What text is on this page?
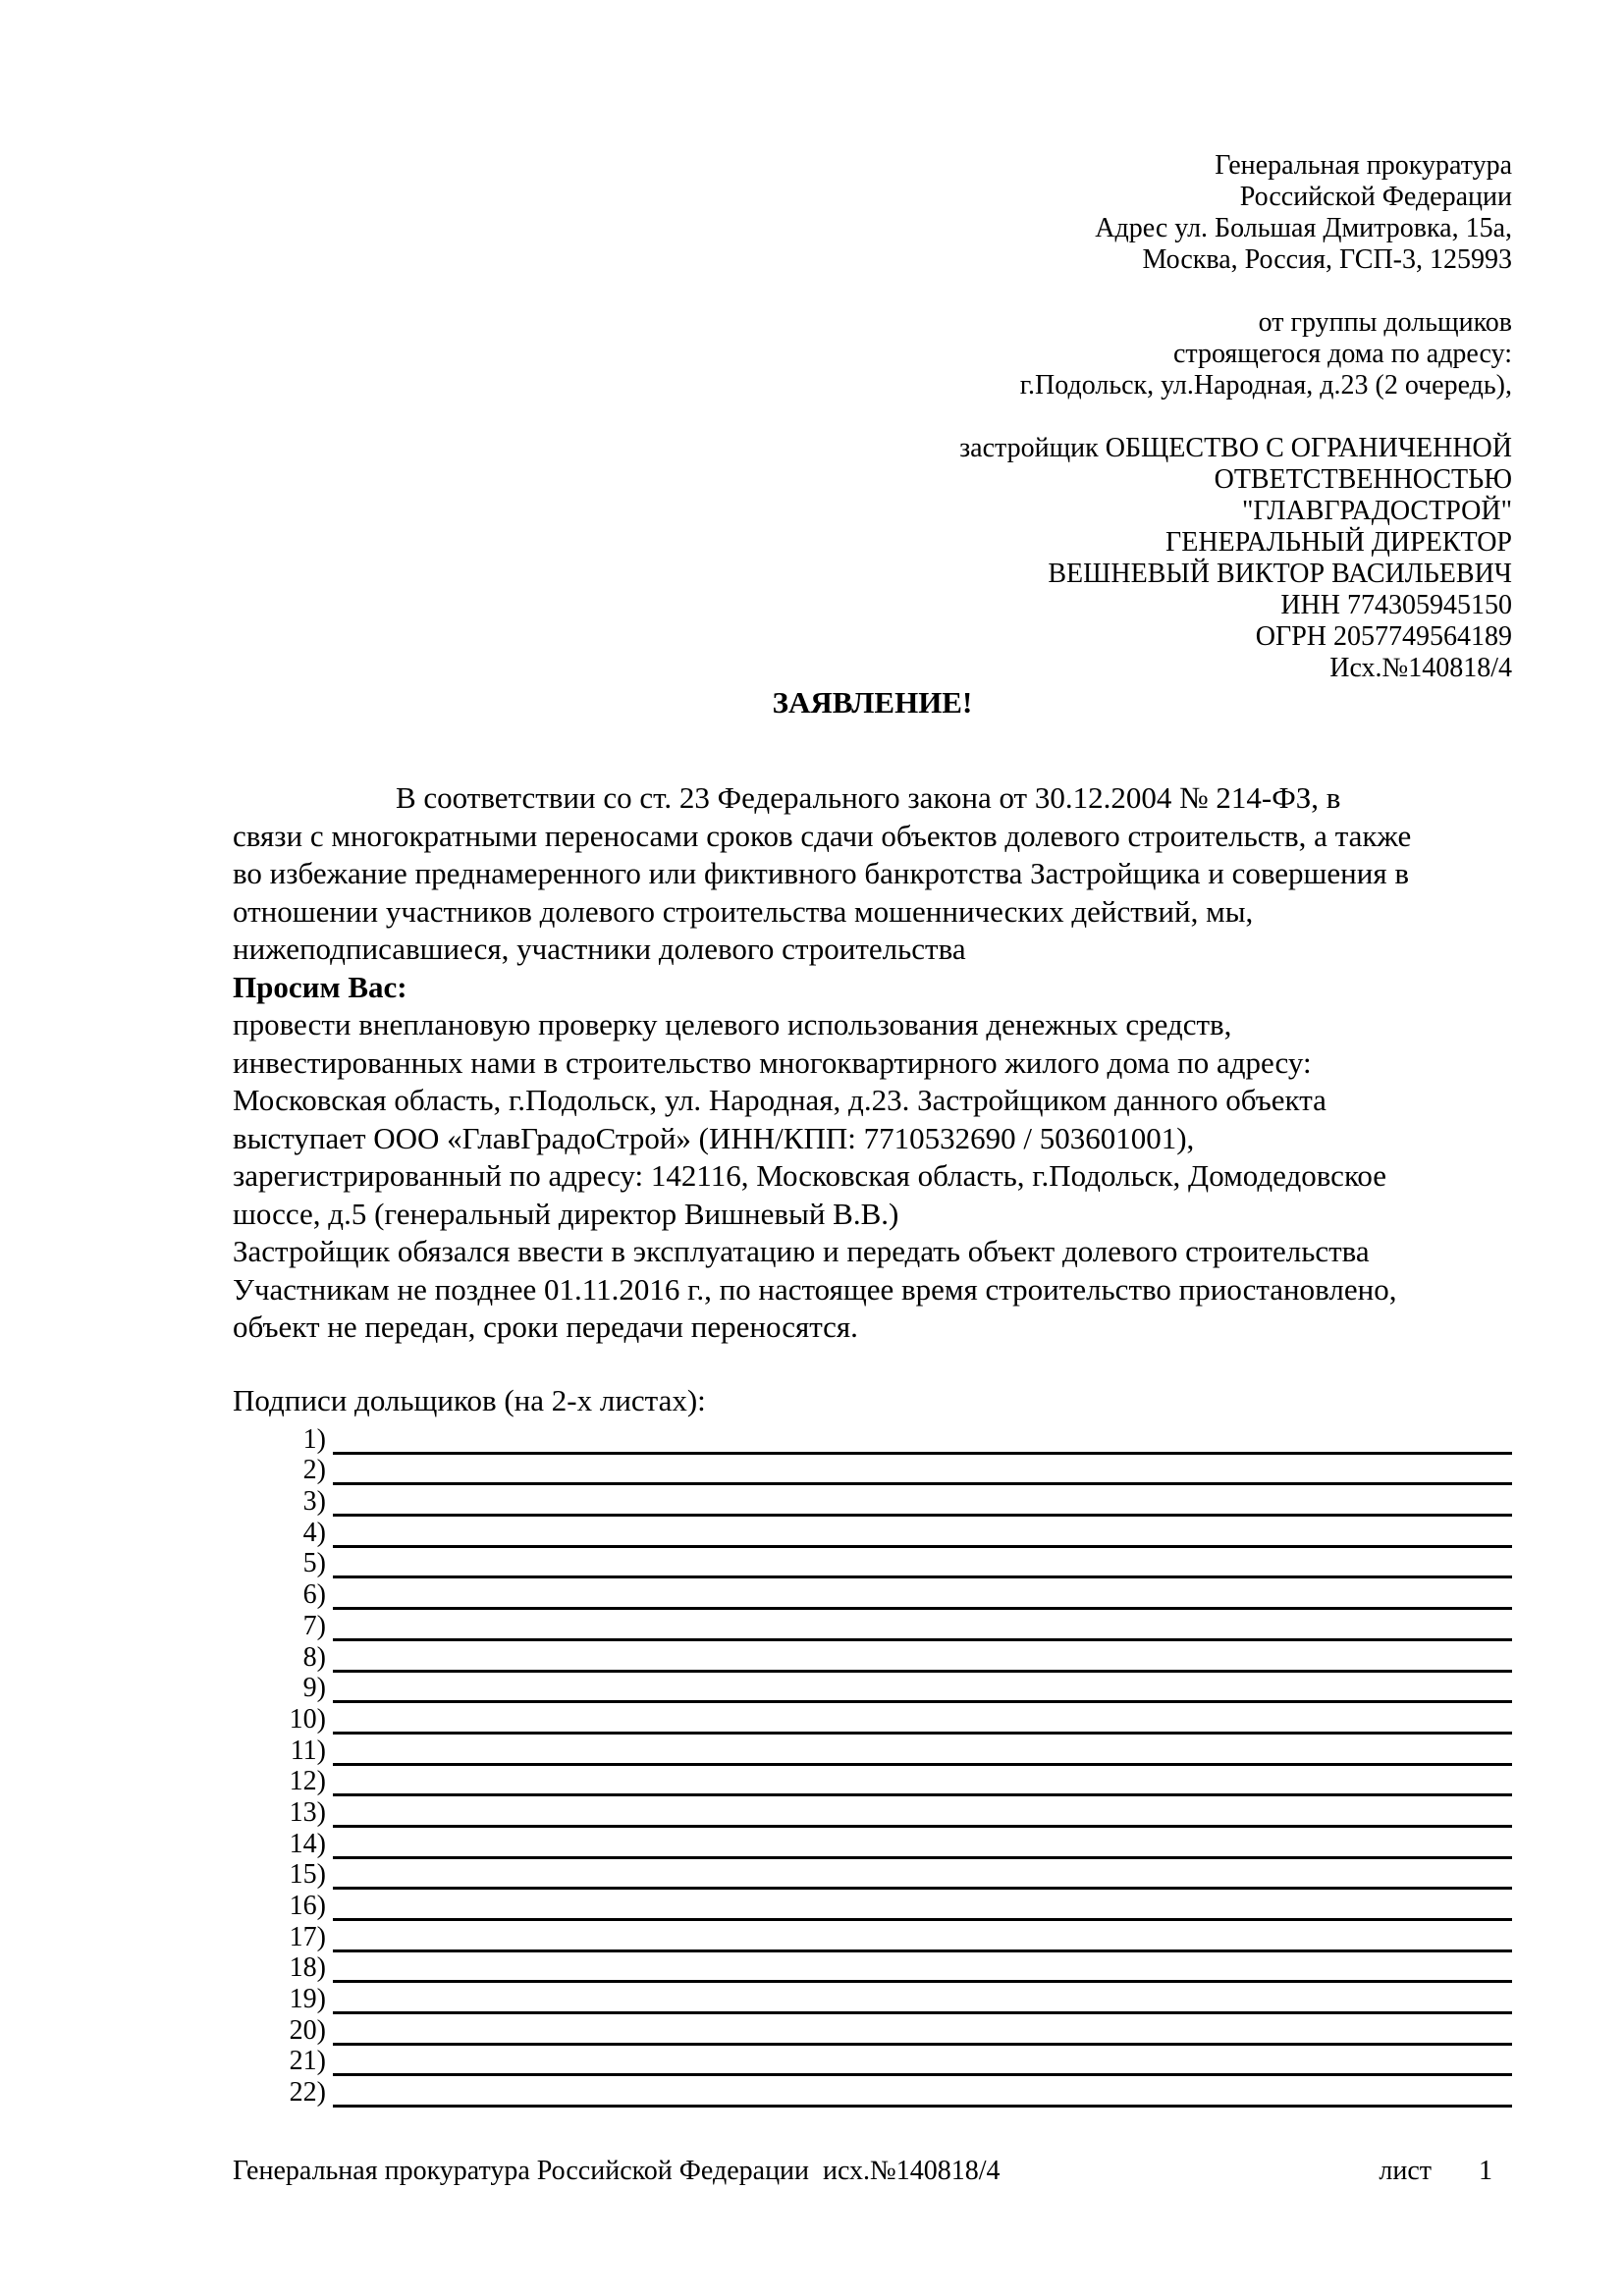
Генеральная прокуратура
Российской Федерации
Адрес ул. Большая Дмитровка, 15а,
Москва, Россия, ГСП-3, 125993
от группы дольщиков
строящегося дома по адресу:
г.Подольск, ул.Народная, д.23 (2 очередь),
застройщик ОБЩЕСТВО С ОГРАНИЧЕННОЙ
ОТВЕТСТВЕННОСТЬЮ
"ГЛАВГРАДОСТРОЙ"
ГЕНЕРАЛЬНЫЙ ДИРЕКТОР
ВЕШНЕВЫЙ ВИКТОР ВАСИЛЬЕВИЧ
ИНН 774305945150
ОГРН 2057749564189
Исх.№140818/4
ЗАЯВЛЕНИЕ!
В соответствии со ст. 23 Федерального закона от 30.12.2004 № 214-ФЗ, в
связи с многократными переносами сроков сдачи объектов долевого строительств, а также
во избежание преднамеренного или фиктивного банкротства Застройщика и совершения в
отношении участников долевого строительства мошеннических действий, мы,
нижеподписавшиеся, участники долевого строительства
Просим Вас:
провести внеплановую проверку целевого использования денежных средств,
инвестированных нами в строительство многоквартирного жилого дома по адресу:
Московская область, г.Подольск, ул. Народная, д.23. Застройщиком данного объекта
выступает ООО «ГлавГрадоСтрой» (ИНН/КПП: 7710532690 / 503601001),
зарегистрированный по адресу: 142116, Московская область, г.Подольск, Домодедовское
шоссе, д.5 (генеральный директор Вишневый В.В.)
Застройщик обязался ввести в эксплуатацию и передать объект долевого строительства
Участникам не позднее 01.11.2016 г., по настоящее время строительство приостановлено,
объект не передан, сроки передачи переносятся.
Подписи дольщиков (на 2-х листах):
1)
2)
3)
4)
5)
6)
7)
8)
9)
10)
11)
12)
13)
14)
15)
16)
17)
18)
19)
20)
21)
22)
Генеральная прокуратура Российской Федерации  исх.№140818/4	лист 1
